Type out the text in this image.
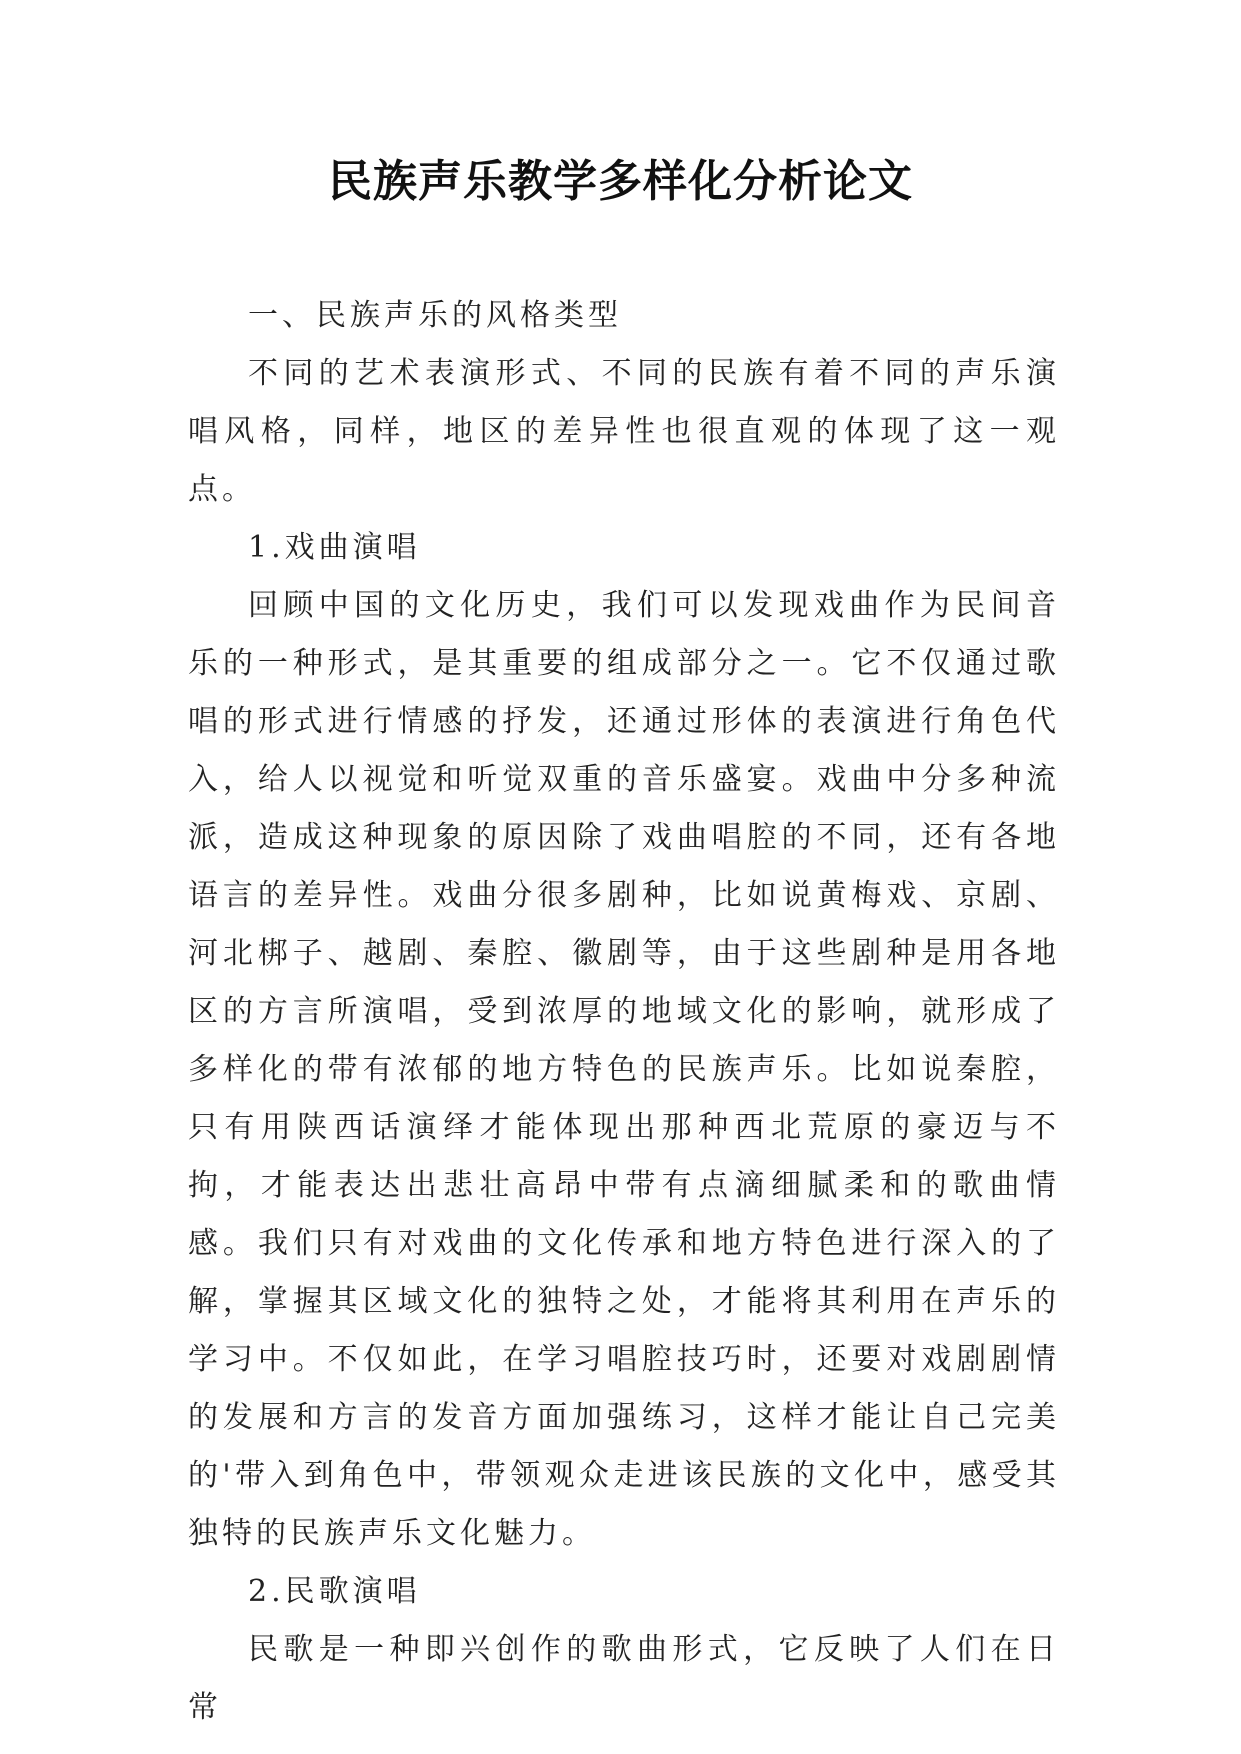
民族声乐教学多样化分析论文

一、民族声乐的风格类型

不同的艺术表演形式、不同的民族有着不同的声乐演唱风格，同样，地区的差异性也很直观的体现了这一观点。

1.戏曲演唱

回顾中国的文化历史，我们可以发现戏曲作为民间音乐的一种形式，是其重要的组成部分之一。它不仅通过歌唱的形式进行情感的抒发，还通过形体的表演进行角色代入，给人以视觉和听觉双重的音乐盛宴。戏曲中分多种流派，造成这种现象的原因除了戏曲唱腔的不同，还有各地语言的差异性。戏曲分很多剧种，比如说黄梅戏、京剧、河北梆子、越剧、秦腔、徽剧等，由于这些剧种是用各地区的方言所演唱，受到浓厚的地域文化的影响，就形成了多样化的带有浓郁的地方特色的民族声乐。比如说秦腔，只有用陕西话演绎才能体现出那种西北荒原的豪迈与不拘，才能表达出悲壮高昂中带有点滴细腻柔和的歌曲情感。我们只有对戏曲的文化传承和地方特色进行深入的了解，掌握其区域文化的独特之处，才能将其利用在声乐的学习中。不仅如此，在学习唱腔技巧时，还要对戏剧剧情的发展和方言的发音方面加强练习，这样才能让自己完美的'带入到角色中，带领观众走进该民族的文化中，感受其独特的民族声乐文化魅力。

2.民歌演唱

民歌是一种即兴创作的歌曲形式，它反映了人们在日常
